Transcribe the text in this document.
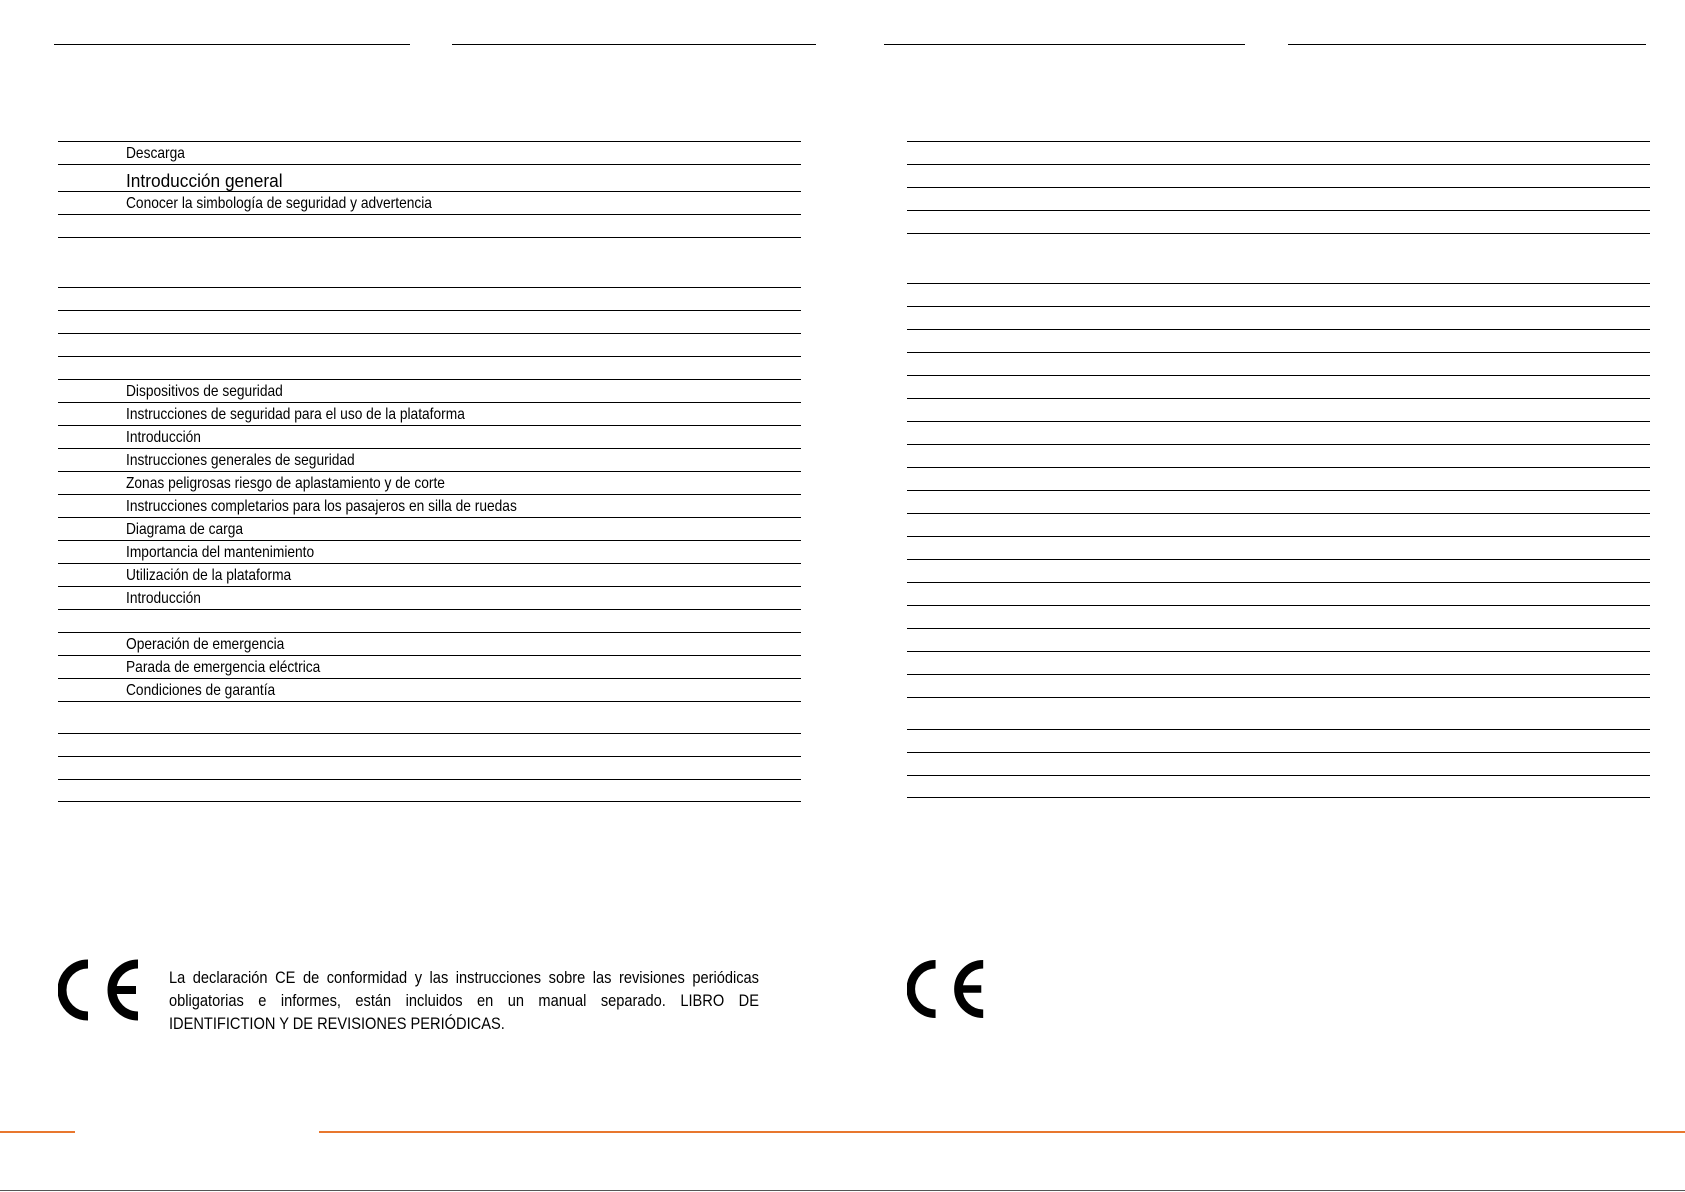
Descarga
Introducción general
Conocer la simbología de seguridad y advertencia
Dispositivos de seguridad
Instrucciones de seguridad para el uso de la plataforma
Introducción
Instrucciones generales de seguridad
Zonas peligrosas riesgo de aplastamiento y de corte
Instrucciones completarios para los pasajeros en silla de ruedas
Diagrama de carga
Importancia del mantenimiento
Utilización de la plataforma
Introducción
Operación de emergencia
Parada de emergencia eléctrica
Condiciones de garantía
La declaración CE de conformidad y las instrucciones sobre las revisiones periódicas obligatorias e informes, están incluidos en un manual separado. LIBRO DE IDENTIFICTION Y DE REVISIONES PERIÓDICAS.
